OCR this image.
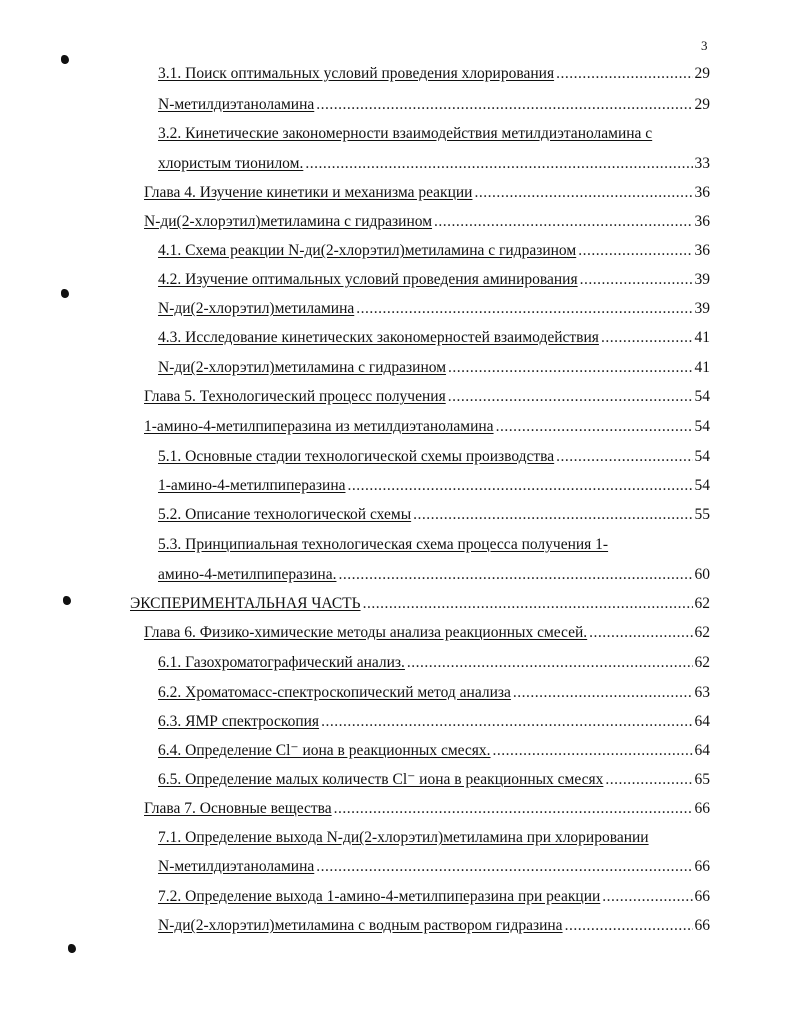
3
3.1. Поиск оптимальных условий проведения хлорирования .....	29
N-метилдиэтаноламина .....	29
3.2. Кинетические закономерности взаимодействия метилдиэтаноламина с
хлористым тионилом. .....	33
Глава 4. Изучение кинетики и механизма реакции .....	36
N-ди(2-хлорэтил)метиламина с гидразином .....	36
4.1. Схема реакции N-ди(2-хлорэтил)метиламина с гидразином .....	36
4.2. Изучение оптимальных условий проведения аминирования .....	39
N-ди(2-хлорэтил)метиламина .....	39
4.3. Исследование кинетических закономерностей взаимодействия .....	41
N-ди(2-хлорэтил)метиламина с гидразином .....	41
Глава 5. Технологический процесс получения .....	54
1-амино-4-метилпиперазина из метилдиэтаноламина .....	54
5.1. Основные стадии технологической схемы производства .....	54
1-амино-4-метилпиперазина .....	54
5.2. Описание технологической схемы .....	55
5.3. Принципиальная технологическая схема процесса получения 1-
амино-4-метилпиперазина. .....	60
ЭКСПЕРИМЕНТАЛЬНАЯ ЧАСТЬ .....	62
Глава 6. Физико-химические методы анализа реакционных смесей. .....	62
6.1. Газохроматографический анализ. .....	62
6.2. Хроматомасс-спектроскопический метод анализа .....	63
6.3. ЯМР спектроскопия .....	64
6.4. Определение Cl⁻ иона в реакционных смесях. .....	64
6.5. Определение малых количеств Cl⁻ иона в реакционных смесях .....	65
Глава 7. Основные вещества .....	66
7.1. Определение выхода N-ди(2-хлорэтил)метиламина при хлорировании
N-метилдиэтаноламина .....	66
7.2. Определение выхода 1-амино-4-метилпиперазина при реакции .....	66
N-ди(2-хлорэтил)метиламина с водным раствором гидразина .....	66
